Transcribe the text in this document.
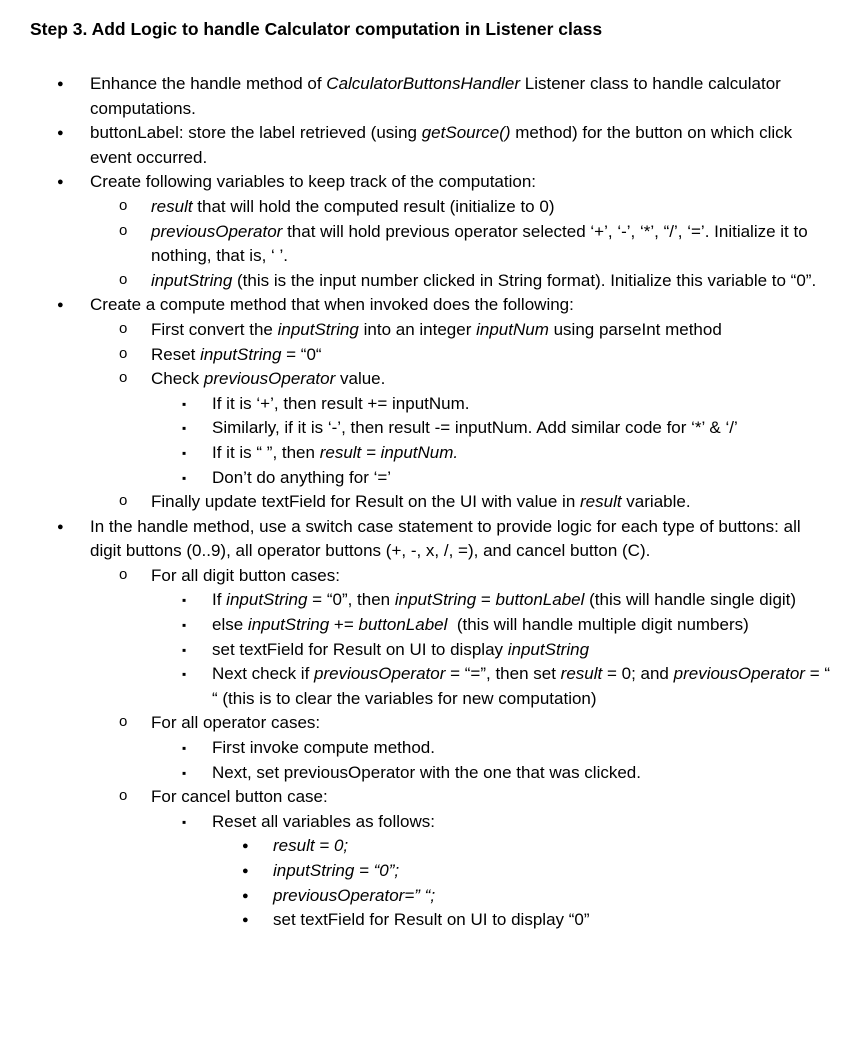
Step 3. Add Logic to handle Calculator computation in Listener class
● Enhance the handle method of CalculatorButtonsHandler Listener class to handle calculator computations.
● buttonLabel: store the label retrieved (using getSource() method) for the button on which click event occurred.
● Create following variables to keep track of the computation:
o result that will hold the computed result (initialize to 0)
o previousOperator that will hold previous operator selected ‘+’, ‘-’, ‘*’, “/’, ‘=’. Initialize it to nothing, that is, ‘ ’.
o inputString (this is the input number clicked in String format). Initialize this variable to “0”.
● Create a compute method that when invoked does the following:
o First convert the inputString into an integer inputNum using parseInt method
o Reset inputString = “0“
o Check previousOperator value.
▪ If it is ‘+’, then result += inputNum.
▪ Similarly, if it is ‘-’, then result -= inputNum. Add similar code for ‘*’ & ‘/’
▪ If it is “ ”, then result = inputNum.
▪ Don’t do anything for ‘=’
o Finally update textField for Result on the UI with value in result variable.
● In the handle method, use a switch case statement to provide logic for each type of buttons: all digit buttons (0..9), all operator buttons (+, -, x, /, =), and cancel button (C).
o For all digit button cases:
▪ If inputString = “0”, then inputString = buttonLabel (this will handle single digit)
▪ else inputString += buttonLabel  (this will handle multiple digit numbers)
▪ set textField for Result on UI to display inputString
▪ Next check if previousOperator = “=”, then set result = 0; and previousOperator = “ “ (this is to clear the variables for new computation)
o For all operator cases:
▪ First invoke compute method.
▪ Next, set previousOperator with the one that was clicked.
o For cancel button case:
▪ Reset all variables as follows:
● result = 0;
● inputString = “0”;
● previousOperator=” “;
● set textField for Result on UI to display “0”
